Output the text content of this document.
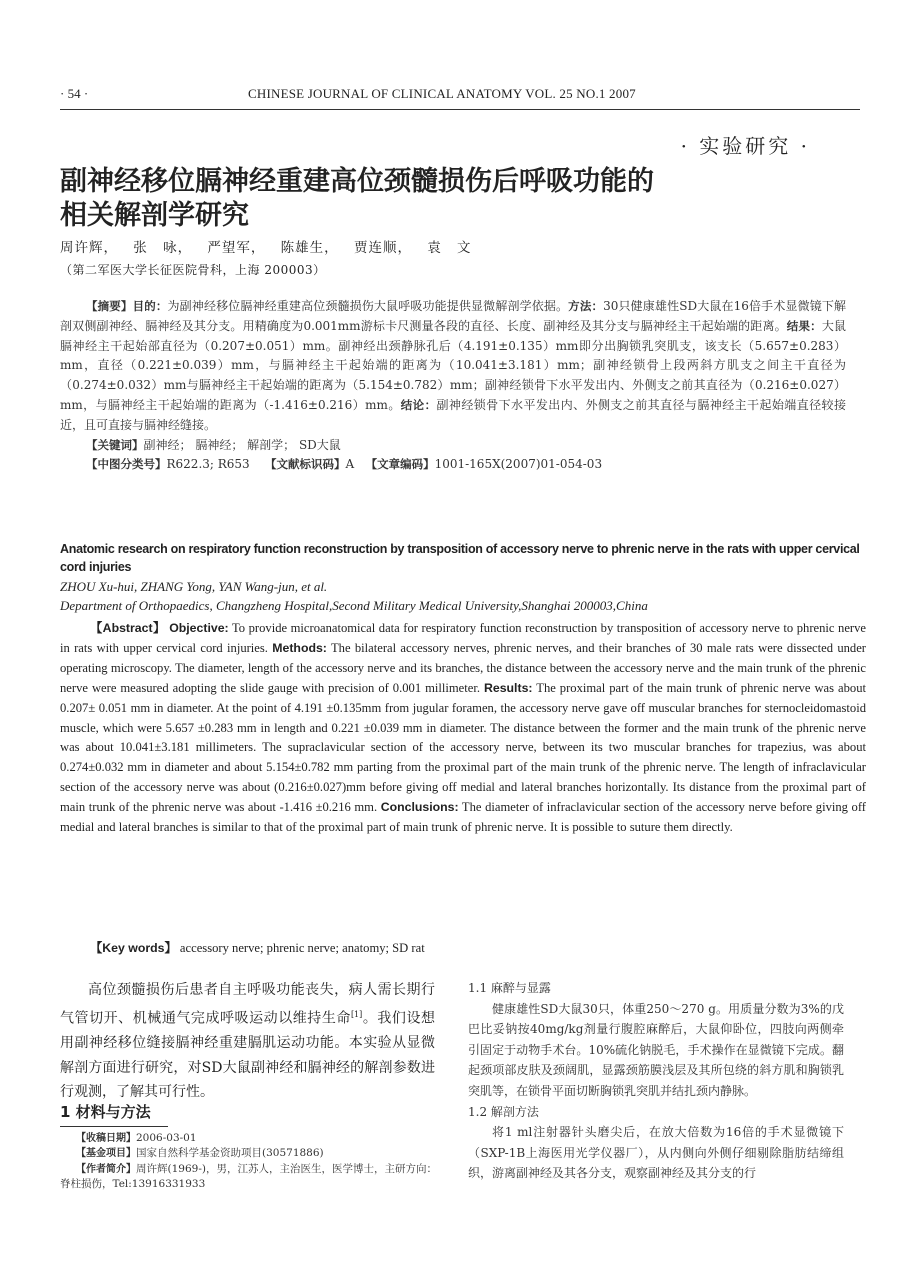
· 54 ·	CHINESE JOURNAL OF CLINICAL ANATOMY VOL. 25 NO.1 2007
· 实验研究 ·
副神经移位膈神经重建高位颈髓损伤后呼吸功能的相关解剖学研究
周许辉， 张 咏， 严望军， 陈雄生， 贾连顺， 袁 文
（第二军医大学长征医院骨科，上海 200003）

【摘要】目的：为副神经移位膈神经重建高位颈髓损伤大鼠呼吸功能提供显微解剖学依据。方法：30只健康雄性SD大鼠在16倍手术显微镜下解剖双侧副神经、膈神经及其分支。用精确度为0.001mm游标卡尺测量各段的直径、长度、副神经及其分支与膈神经主干起始端的距离。结果：大鼠膈神经主干起始部直径为（0.207±0.051）mm。副神经出颈静脉孔后（4.191±0.135）mm即分出胸锁乳突肌支，该支长（5.657±0.283）mm，直径（0.221±0.039）mm，与膈神经主干起始端的距离为（10.041±3.181）mm；副神经锁骨上段两斜方肌支之间主干直径为（0.274±0.032）mm与膈神经主干起始端的距离为（5.154±0.782）mm；副神经锁骨下水平发出内、外侧支之前其直径为（0.216±0.027）mm，与膈神经主干起始端的距离为（-1.416±0.216）mm。结论：副神经锁骨下水平发出内、外侧支之前其直径与膈神经主干起始端直径较接近，且可直接与膈神经缝接。

【关键词】副神经； 膈神经； 解剖学； SD大鼠

【中图分类号】R622.3; R653 【文献标识码】A 【文章编码】1001-165X(2007)01-054-03

Anatomic research on respiratory function reconstruction by transposition of accessory nerve to phrenic nerve in the rats with upper cervical cord injuries
ZHOU Xu-hui, ZHANG Yong, YAN Wang-jun, et al.
Department of Orthopaedics, Changzheng Hospital,Second Military Medical University,Shanghai 200003,China

【Abstract】 Objective: To provide microanatomical data for respiratory function reconstruction by transposition of accessory nerve to phrenic nerve in rats with upper cervical cord injuries. Methods: The bilateral accessory nerves, phrenic nerves, and their branches of 30 male rats were dissected under operating microscopy. The diameter, length of the accessory nerve and its branches, the distance between the accessory nerve and the main trunk of the phrenic nerve were measured adopting the slide gauge with precision of 0.001 millimeter. Results: The proximal part of the main trunk of phrenic nerve was about 0.207± 0.051 mm in diameter. At the point of 4.191 ±0.135mm from jugular foramen, the accessory nerve gave off muscular branches for sternocleidomastoid muscle, which were 5.657 ±0.283 mm in length and 0.221 ±0.039 mm in diameter. The distance between the former and the main trunk of the phrenic nerve was about 10.041±3.181 millimeters. The supraclavicular section of the accessory nerve, between its two muscular branches for trapezius, was about 0.274±0.032 mm in diameter and about 5.154±0.782 mm parting from the proximal part of the main trunk of the phrenic nerve. The length of infraclavicular section of the accessory nerve was about (0.216±0.027)mm before giving off medial and lateral branches horizontally. Its distance from the proximal part of main trunk of the phrenic nerve was about -1.416 ±0.216 mm. Conclusions: The diameter of infraclavicular section of the accessory nerve before giving off medial and lateral branches is similar to that of the proximal part of main trunk of phrenic nerve. It is possible to suture them directly.

【Key words】 accessory nerve; phrenic nerve; anatomy; SD rat

高位颈髓损伤后患者自主呼吸功能丧失，病人需长期行气管切开、机械通气完成呼吸运动以维持生命[1]。我们设想用副神经移位缝接膈神经重建膈肌运动功能。本实验从显微解剖方面进行研究，对SD大鼠副神经和膈神经的解剖参数进行观测，了解其可行性。

1 材料与方法

【收稿日期】2006-03-01

【基金项目】国家自然科学基金资助项目(30571886)

【作者简介】周许辉(1969-)，男，江苏人，主治医生，医学博士，主研方向：脊柱损伤，Tel:13916331933

1.1 麻醉与显露

健康雄性SD大鼠30只，体重250～270 g。用质量分数为3%的戊巴比妥钠按40mg/kg剂量行腹腔麻醉后，大鼠仰卧位，四肢向两侧牵引固定于动物手术台。10%硫化钠脱毛，手术操作在显微镜下完成。翻起颈项部皮肤及颈阔肌，显露颈筋膜浅层及其所包绕的斜方肌和胸锁乳突肌等，在锁骨平面切断胸锁乳突肌并结扎颈内静脉。

1.2 解剖方法

将1 ml注射器针头磨尖后，在放大倍数为16倍的手术显微镜下（SXP-1B上海医用光学仪器厂），从内侧向外侧仔细剔除脂肪结缔组织，游离副神经及其各分支，观察副神经及其分支的行
